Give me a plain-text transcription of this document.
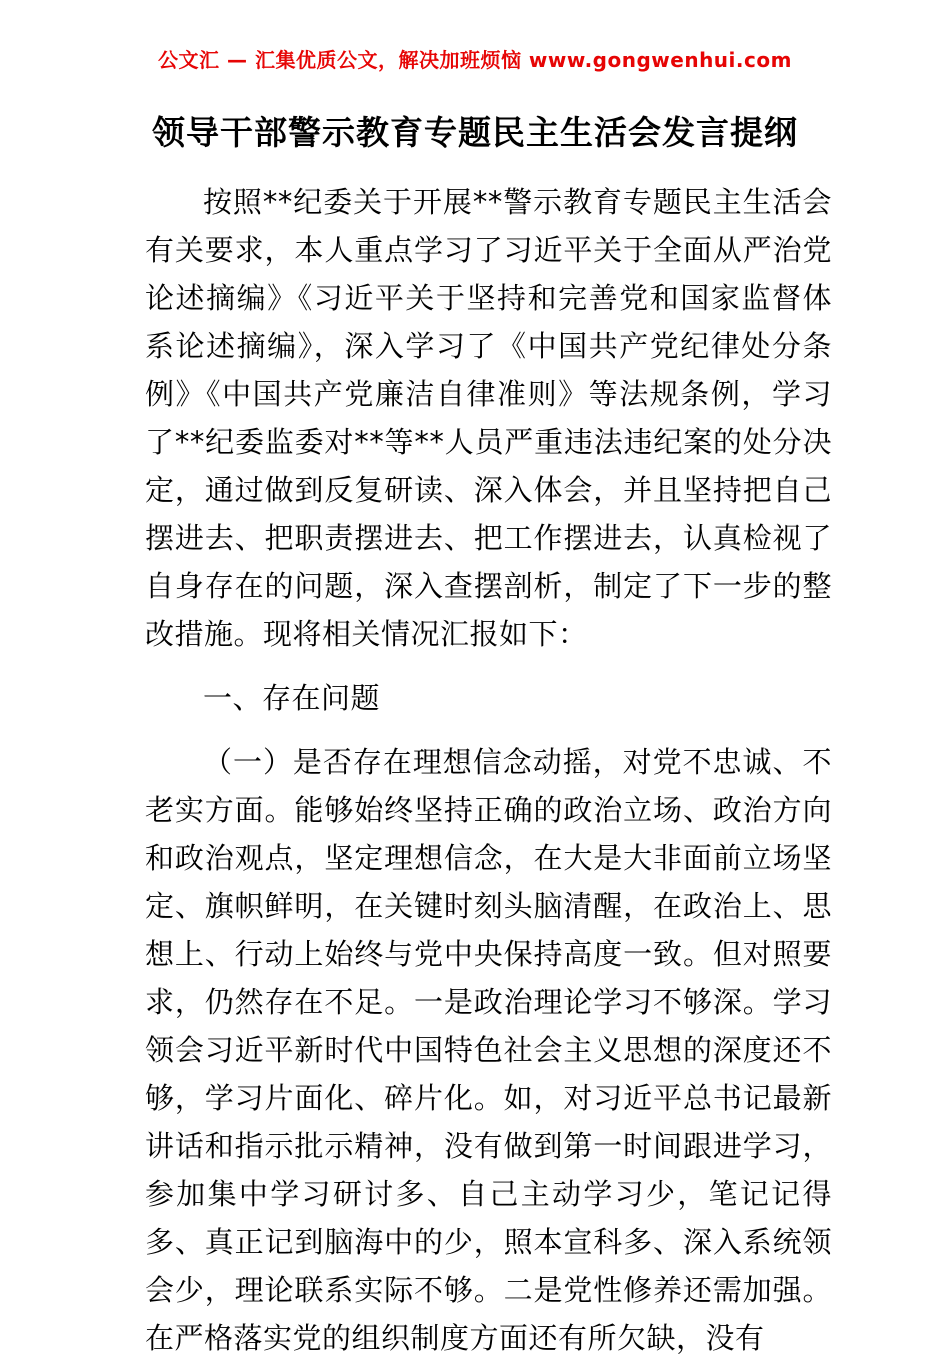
公文汇 — 汇集优质公文，解决加班烦恼 www.gongwenhui.com
领导干部警示教育专题民主生活会发言提纲

按照**纪委关于开展**警示教育专题民主生活会有关要求，本人重点学习了习近平关于全面从严治党论述摘编》《习近平关于坚持和完善党和国家监督体系论述摘编》，深入学习了《中国共产党纪律处分条例》《中国共产党廉洁自律准则》等法规条例，学习了**纪委监委对**等**人员严重违法违纪案的处分决定，通过做到反复研读、深入体会，并且坚持把自己摆进去、把职责摆进去、把工作摆进去，认真检视了自身存在的问题，深入查摆剖析，制定了下一步的整改措施。现将相关情况汇报如下：

一、存在问题

（一）是否存在理想信念动摇，对党不忠诚、不老实方面。能够始终坚持正确的政治立场、政治方向和政治观点，坚定理想信念，在大是大非面前立场坚定、旗帜鲜明，在关键时刻头脑清醒，在政治上、思想上、行动上始终与党中央保持高度一致。但对照要求，仍然存在不足。一是政治理论学习不够深。学习领会习近平新时代中国特色社会主义思想的深度还不够，学习片面化、碎片化。如，对习近平总书记最新讲话和指示批示精神，没有做到第一时间跟进学习，参加集中学习研讨多、自己主动学习少，笔记记得多、真正记到脑海中的少，照本宣科多、深入系统领会少，理论联系实际不够。二是党性修养还需加强。在严格落实党的组织制度方面还有所欠缺，没有
